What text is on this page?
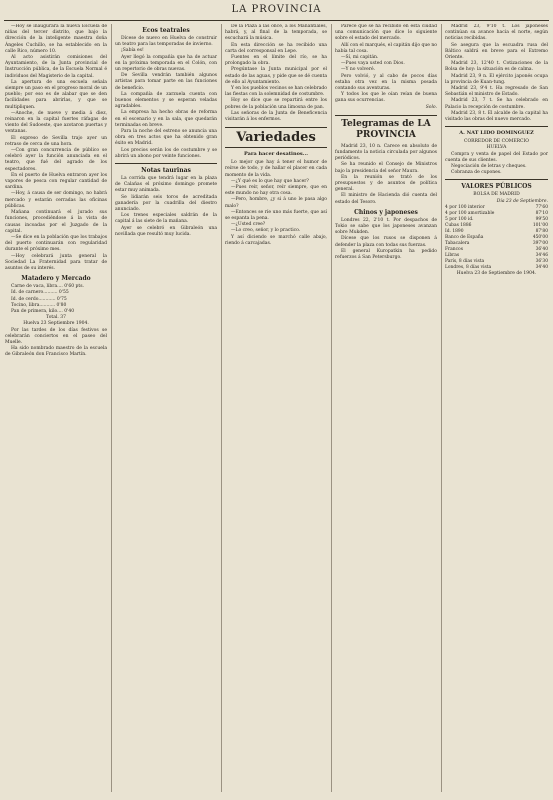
LA PROVINCIA

—Hoy se inaugurará la nueva Escuela de niñas del tercer distrito, que bajo la dirección de la inteligente maestra doña Ángeles Cuchillo, se ha establecido en la calle Rico, número 10.

Al acto asistirán comisiones del Ayuntamiento, de la Junta provincial de Instrucción pública, de la Escuela Normal é individuos del Magisterio de la capital.

La apertura de una escuela señala siempre un paso en el progreso moral de un pueblo; por eso es de alabar que se den facilidades para abrirlas, y que se multipliquen.

—Anoche, de nueve y media á diez, reinaron en la capital fuertes ráfagas de viento del Sudoeste, que azotaron puertas y ventanas.

El expreso de Sevilla trajo ayer un retraso de cerca de una hora.

—Con gran concurrencia de público se celebró ayer la función anunciada en el teatro, que fué del agrado de los espectadores.

En el puerto de Huelva entraron ayer los vapores de pesca con regular cantidad de sardina.

—Hoy, á causa de ser domingo, no habrá mercado y estarán cerradas las oficinas públicas.

Mañana continuará el jurado sus funciones, procediéndose á la vista de causas incoadas por el Juzgado de la capital.

—Se dice en la población que los trabajos del puerto continuarán con regularidad durante el próximo mes.

—Hoy celebrará junta general la Sociedad La Fraternidad para tratar de asuntos de su interés.

Matadero y Mercado

Carne de vaca, libra.... 0'60 pts.

Id. de carnero.......... 0'55

Id. de cerdo............ 0'75

Tocino, libra........... 0'80

Pan de primera, kilo.... 0'40

Total. 37

Huelva 23 Septiembre 1904.

Por las tardes de los días festivos se celebrarán conciertos en el paseo del Muelle.

Ha sido nombrado maestro de la escuela de Gibraleón don Francisco Martín.

Ecos teatrales

Dícese de nuevo en Huelva de construir un teatro para las temporadas de invierno.

¡Sabía es!

Ayer llegó la compañía que ha de actuar en la próxima temporada en el Colón, con un repertorio de obras nuevas.

De Sevilla vendrán también algunos artistas para tomar parte en las funciones de beneficio.

La compañía de zarzuela cuenta con buenos elementos y se esperan veladas agradables.

La empresa ha hecho obras de reforma en el escenario y en la sala, que quedarán terminadas en breve.

Para la noche del estreno se anuncia una obra en tres actos que ha obtenido gran éxito en Madrid.

Los precios serán los de costumbre y se abrirá un abono por veinte funciones.

Notas taurinas

La corrida que tendrá lugar en la plaza de Calañas el próximo domingo promete estar muy animada.

Se lidiarán seis toros de acreditada ganadería por la cuadrilla del diestro anunciado.

Los trenes especiales saldrán de la capital á las siete de la mañana.

Ayer se celebró en Gibraleón una novillada que resultó muy lucida.

De la Plaza á las once, á los Manantiales, habrá, y, al final de la temporada, se escuchará la música.

En esta dirección se ha recibido una carta del corresponsal en Lepe.

Fuentes en el límite del río, se ha prolongado la obra.

Pregúntase la Junta municipal por el estado de las aguas, y pide que se dé cuenta de ello al Ayuntamiento.

Y en los pueblos vecinos se han celebrado las fiestas con la solemnidad de costumbre.

Hoy se dice que se repartirá entre los pobres de la población una limosna de pan.

Las señoras de la Junta de Beneficencia visitarán á los enfermos.

Variedades

Para hacer desatinos...

Lo mejor que hay á tener el humor de reírse de todo, y de hallar el placer en cada momento de la vida.

—¿Y qué es lo que hay que hacer?

—Pues reír, señor, reír siempre, que en este mundo no hay otra cosa.

—Pero, hombre, ¿y si á uno le pasa algo malo?

—Entonces se ríe uno más fuerte, que así se espanta la pena.

—¿Usted cree?

—Lo creo, señor, y lo practico.

Y así diciendo se marchó calle abajo, riendo á carcajadas.

Parece que se ha recibido en esta ciudad una comunicación que dice lo siguiente sobre el estado del mercado.

Allí con el marqués, el capitán dijo que no había tal cosa.

—Sí, mi capitán.

—Pues vaya usted con Dios.

—Y no volveré.

Pero volvió, y al cabo de pocos días estaba otra vez en la misma posada contando sus aventuras.

Y todos los que le oían reían de buena gana sus ocurrencias.

Solo.

Telegramas de LA PROVINCIA

Madrid 23, 10 n. Carece en absoluto de fundamento la noticia circulada por algunos periódicos.

Se ha reunido el Consejo de Ministros bajo la presidencia del señor Maura.

En la reunión se trató de los presupuestos y de asuntos de política general.

El ministro de Hacienda dió cuenta del estado del Tesoro.

Chinos y japoneses

Londres 22, 2'10 t. Por despachos de Tokio se sabe que los japoneses avanzan sobre Mukden.

Dícese que los rusos se disponen á defender la plaza con todas sus fuerzas.

El general Kuropatkin ha pedido refuerzos á San Petersburgo.

Madrid 23, 9'10 t. Los japoneses continúan su avance hacia el norte, según noticias recibidas.

Se asegura que la escuadra rusa del Báltico saldrá en breve para el Extremo Oriente.

Madrid 23, 12'40 t. Cotizaciones de la Bolsa de hoy: la situación es de calma.

Madrid 23, 9 n. El ejército japonés ocupa la provincia de Kuan-tung.

Madrid 23, 9'4 t. Ha regresado de San Sebastián el ministro de Estado.

Madrid 23, 7 t. Se ha celebrado en Palacio la recepción de costumbre.

Madrid 23, 8 t. El alcalde de la capital ha visitado las obras del nuevo mercado.

A. NAT LIDO DOMINGUEZ

CORREDOR DE COMERCIO

HUELVA

Compra y venta de papel del Estado por cuenta de sus clientes.

Negociación de letras y cheques.

Cobranza de cupones.

VALORES PÚBLICOS

BOLSA DE MADRID

Día 23 de Septiembre.

4 por 100 interior	77'60
4 por 100 amortizable	87'10
5 por 100 id.	99'50
Cubas 1886	101'00
Id. 1890	87'80
Banco de España	450'00
Tabacalera	397'00
Francos	36'40
Libras	34'46
París, 8 días vista	36'30
Londres, 8 días vista	34'40

Huelva 23 de Septiembre de 1904.
